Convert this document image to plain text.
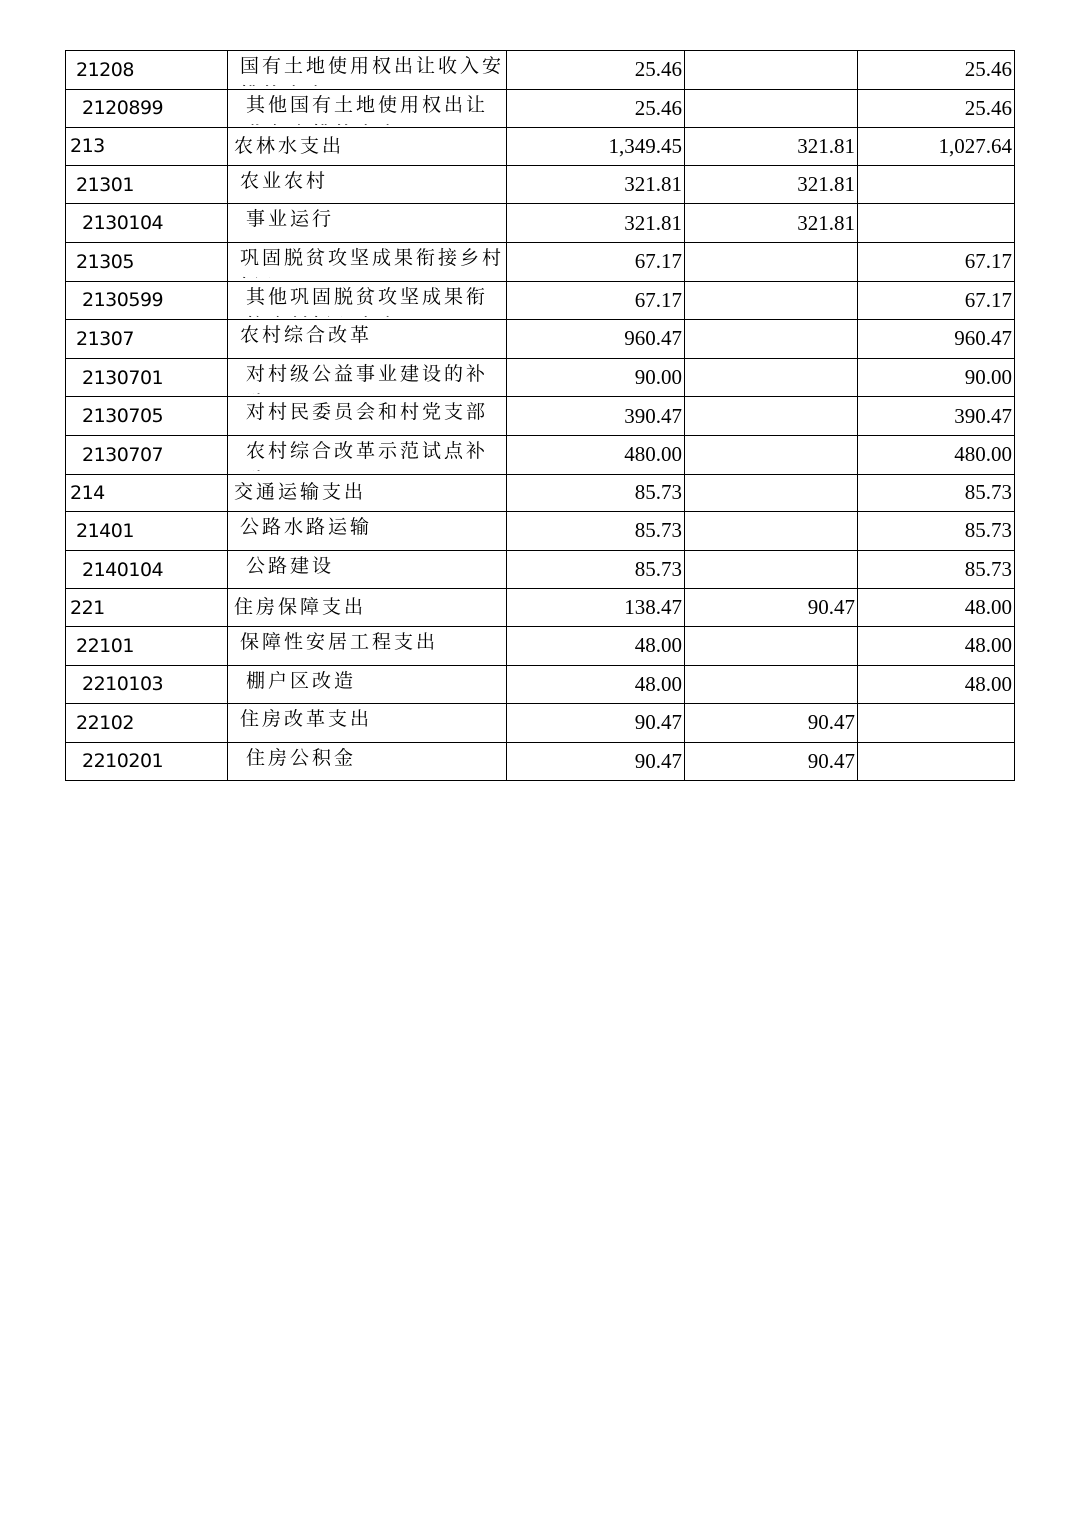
21208	国有土地使用权出让收入安	25.46		25.46
2120899	其他国有土地使用权出让	25.46		25.46
213	农林水支出	1,349.45	321.81	1,027.64
21301	农业农村	321.81	321.81	
2130104	事业运行	321.81	321.81	
21305	巩固脱贫攻坚成果衔接乡村	67.17		67.17
2130599	其他巩固脱贫攻坚成果衔	67.17		67.17
21307	农村综合改革	960.47		960.47
2130701	对村级公益事业建设的补	90.00		90.00
2130705	对村民委员会和村党支部	390.47		390.47
2130707	农村综合改革示范试点补	480.00		480.00
214	交通运输支出	85.73		85.73
21401	公路水路运输	85.73		85.73
2140104	公路建设	85.73		85.73
221	住房保障支出	138.47	90.47	48.00
22101	保障性安居工程支出	48.00		48.00
2210103	棚户区改造	48.00		48.00
22102	住房改革支出	90.47	90.47	
2210201	住房公积金	90.47	90.47	
